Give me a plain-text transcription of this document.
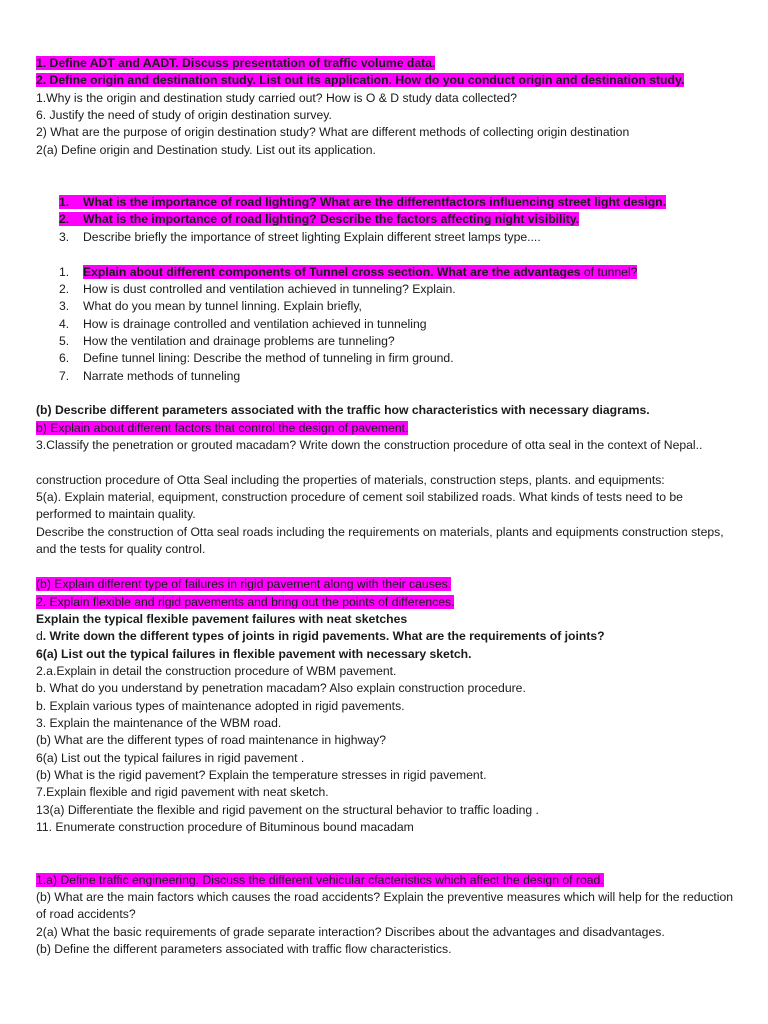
1. Define ADT and AADT. Discuss presentation of traffic volume data.
2. Define origin and destination study. List out its application. How do you conduct origin and destination study.
1.Why is the origin and destination study carried out? How is O & D study data collected?
6. Justify the need of study of origin destination survey.
2) What are the purpose of origin destination study? What are different methods of collecting origin destination
2(a) Define origin and Destination study. List out its application.
1. What is the importance of road lighting? What are the differentfactors influencing street light design.
2. What is the importance of road lighting? Describe the factors affecting night visibility.
3. Describe briefly the importance of street lighting Explain different street lamps type....
1. Explain about different components of Tunnel cross section. What are the advantages of tunnel?
2. How is dust controlled and ventilation achieved in tunneling? Explain.
3. What do you mean by tunnel linning. Explain briefly,
4. How is drainage controlled and ventilation achieved in tunneling
5. How the ventilation and drainage problems are tunneling?
6. Define tunnel lining: Describe the method of tunneling in firm ground.
7. Narrate methods of tunneling
(b) Describe different parameters associated with the traffic how characteristics with necessary diagrams.
b) Explain about different factors that control the design of pavement.
3.Classify the penetration or grouted macadam? Write down the construction procedure of otta seal in the context of Nepal..
construction procedure of Otta Seal including the properties of materials, construction steps, plants. and equipments:
5(a). Explain material, equipment, construction procedure of cement soil stabilized roads. What kinds of tests need to be performed to maintain quality.
Describe the construction of Otta seal roads including the requirements on materials, plants and equipments construction steps, and the tests for quality control.
(b) Explain different type of failures in rigid pavement along with their causes.
2. Explain flexible and rigid pavements and bring out the points of differences.
Explain the typical flexible pavement failures with neat sketches
d. Write down the different types of joints in rigid pavements. What are the requirements of joints?
6(a) List out the typical failures in flexible pavement with necessary sketch.
2.a.Explain in detail the construction procedure of WBM pavement.
b. What do you understand by penetration macadam? Also explain construction procedure.
b. Explain various types of maintenance adopted in rigid pavements.
3. Explain the maintenance of the WBM road.
(b) What are the different types of road maintenance in highway?
6(a) List out the typical failures in rigid pavement .
(b) What is the rigid pavement? Explain the temperature stresses in rigid pavement.
7.Explain flexible and rigid pavement with neat sketch.
13(a) Differentiate the flexible and rigid pavement on the structural behavior to traffic loading .
11. Enumerate construction procedure of Bituminous bound macadam
1.a) Define traffic engineering. Discuss the different vehicular cfacteristics which affect the design of road.
(b) What are the main factors which causes the road accidents? Explain the preventive measures which will help for the reduction of road accidents?
2(a) What the basic requirements of grade separate interaction? Discribes about the advantages and disadvantages.
(b) Define the different parameters associated with traffic flow characteristics.
